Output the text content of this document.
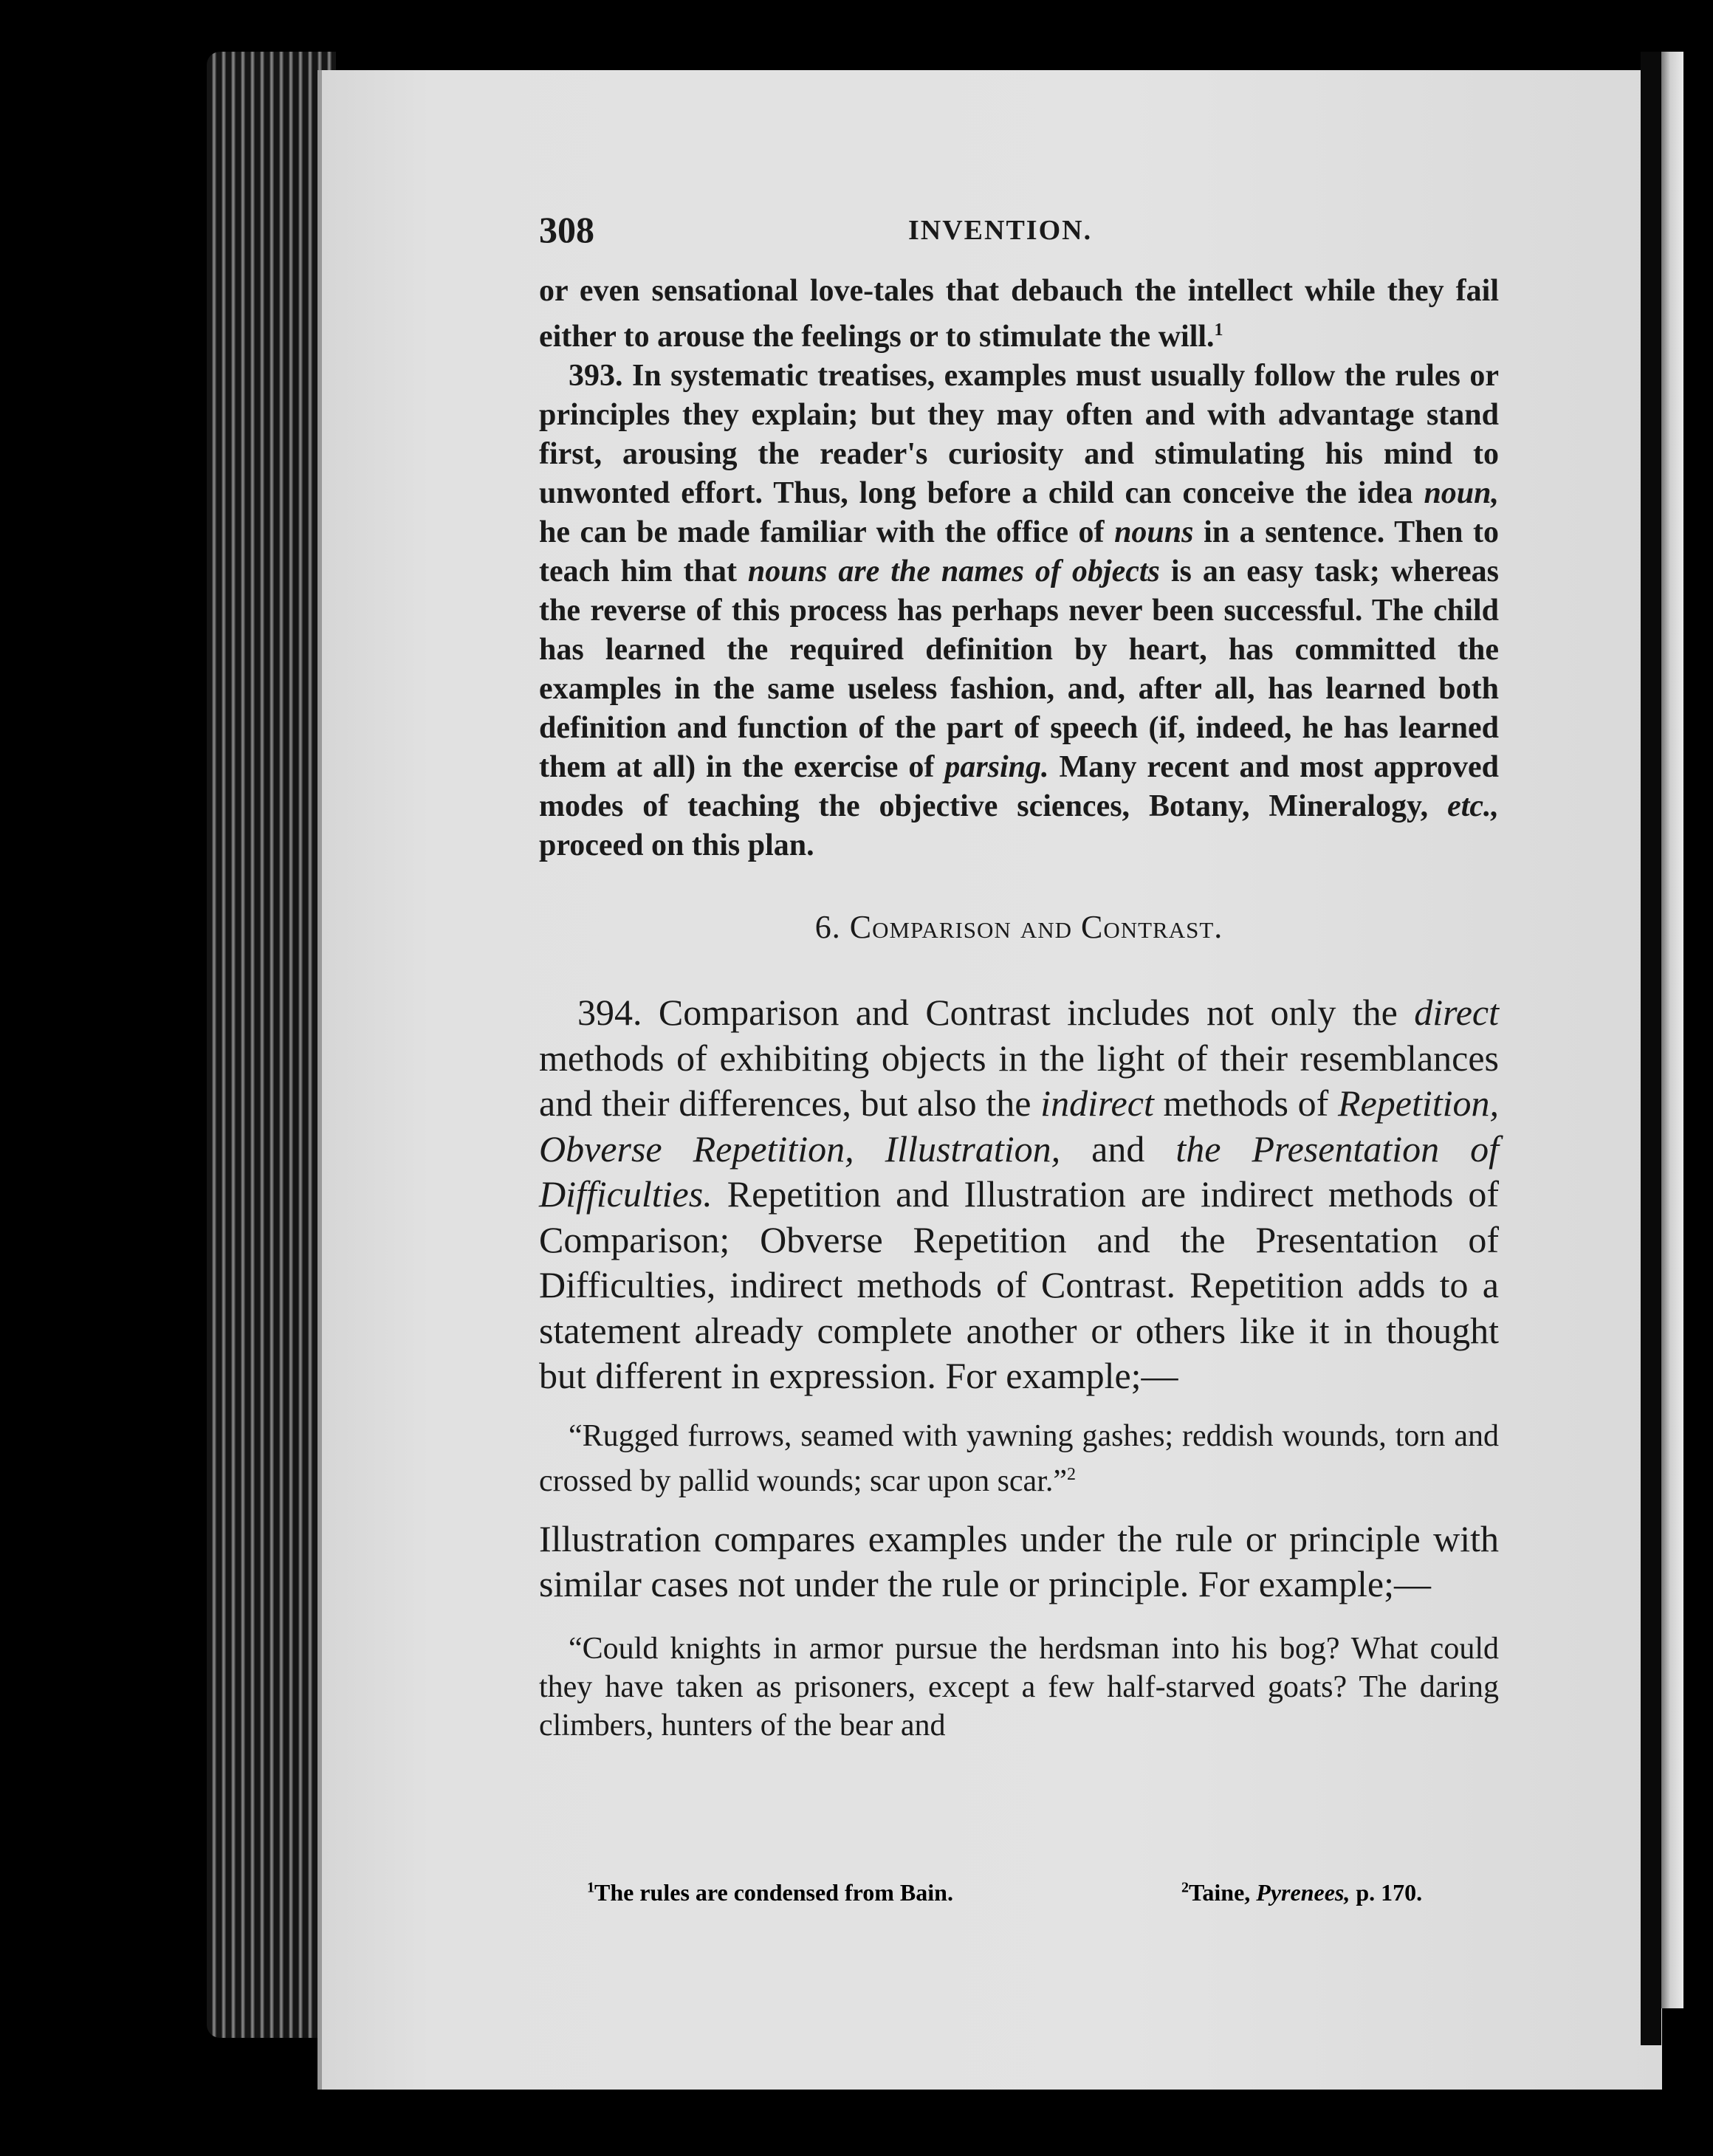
308	INVENTION.

or even sensational love-tales that debauch the intellect while they fail either to arouse the feelings or to stimulate the will.$^1$

393. In systematic treatises, examples must usually follow the rules or principles they explain; but they may often and with advantage stand first, arousing the reader's curiosity and stimulating his mind to unwonted effort. Thus, long before a child can conceive the idea noun, he can be made familiar with the office of nouns in a sentence. Then to teach him that nouns are the names of objects is an easy task; whereas the reverse of this process has perhaps never been successful. The child has learned the required definition by heart, has committed the examples in the same useless fashion, and, after all, has learned both definition and function of the part of speech (if, indeed, he has learned them at all) in the exercise of parsing. Many recent and most approved modes of teaching the objective sciences, Botany, Mineralogy, etc., proceed on this plan.

6. Comparison and Contrast.

394. Comparison and Contrast includes not only the direct methods of exhibiting objects in the light of their resemblances and their differences, but also the indirect methods of Repetition, Obverse Repetition, Illustration, and the Presentation of Difficulties. Repetition and Illustration are indirect methods of Comparison; Obverse Repetition and the Presentation of Difficulties, indirect methods of Contrast. Repetition adds to a statement already complete another or others like it in thought but different in expression. For example;—

“Rugged furrows, seamed with yawning gashes; reddish wounds, torn and crossed by pallid wounds; scar upon scar.”$^2$

Illustration compares examples under the rule or principle with similar cases not under the rule or principle. For example;—

“Could knights in armor pursue the herdsman into his bog? What could they have taken as prisoners, except a few half-starved goats? The daring climbers, hunters of the bear and

$^1$The rules are condensed from Bain.	$^2$Taine, Pyrenees, p. 170.
